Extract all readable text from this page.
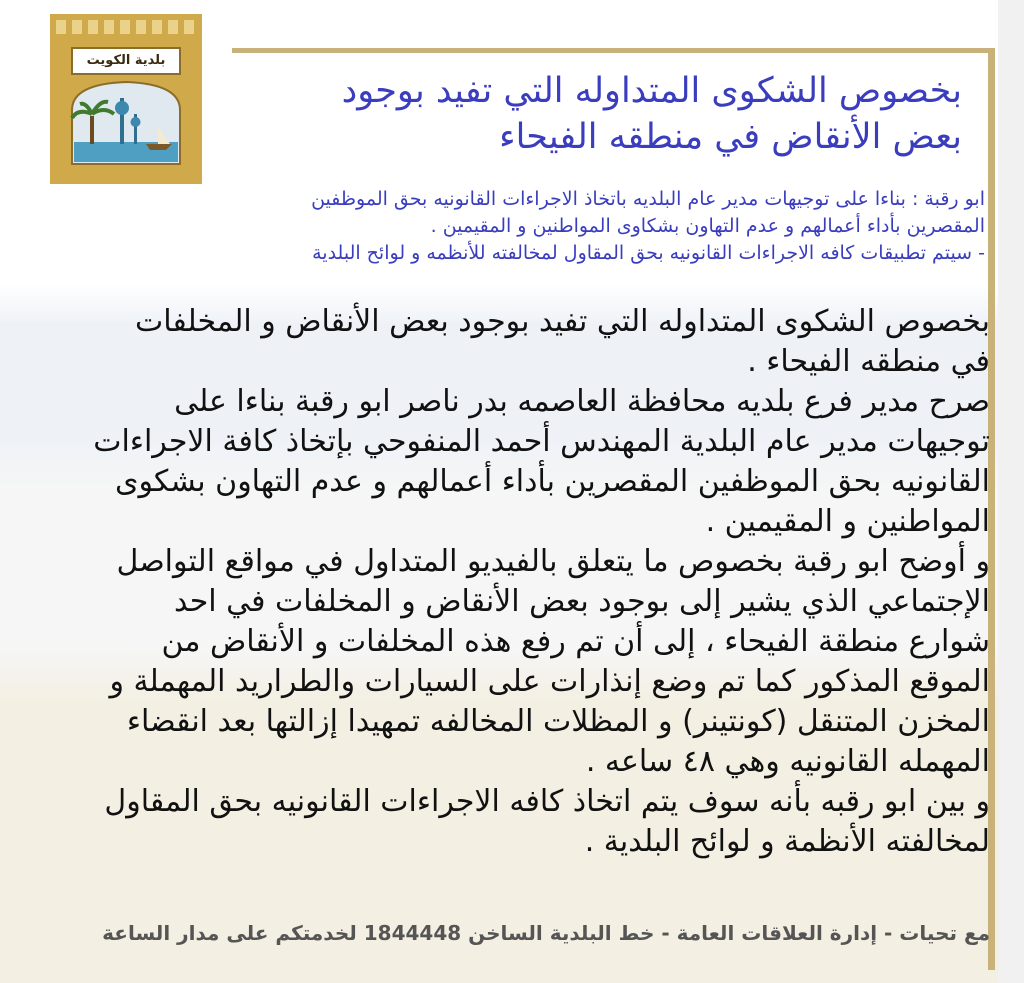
بلدية الكويت
بخصوص الشكوى المتداوله التي تفيد بوجود
بعض الأنقاض في منطقه الفيحاء
ابو رقبة : بناءا على توجيهات مدير عام البلديه باتخاذ الاجراءات القانونيه بحق الموظفين
المقصرين بأداء أعمالهم و عدم التهاون بشكاوى المواطنين و المقيمين .
- سيتم تطبيقات كافه الاجراءات القانونيه بحق المقاول لمخالفته للأنظمه و لوائح البلدية

بخصوص الشكوى المتداوله التي تفيد بوجود بعض الأنقاض و المخلفات في منطقه الفيحاء .

صرح مدير فرع بلديه محافظة العاصمه بدر ناصر ابو رقبة بناءا على توجيهات مدير عام البلدية المهندس أحمد المنفوحي بإتخاذ كافة الاجراءات القانونيه بحق الموظفين المقصرين بأداء أعمالهم و عدم التهاون بشكوى المواطنين و المقيمين .

و أوضح ابو رقبة بخصوص ما يتعلق بالفيديو المتداول في مواقع التواصل الإجتماعي الذي يشير إلى بوجود بعض الأنقاض و المخلفات في احد شوارع منطقة الفيحاء ، إلى أن تم رفع هذه المخلفات و الأنقاض من الموقع المذكور كما تم وضع إنذارات على السيارات والطراريد المهملة و المخزن المتنقل (كونتينر) و المظلات المخالفه تمهيدا إزالتها بعد انقضاء المهمله القانونيه وهي ٤٨ ساعه .

و بين ابو رقبه بأنه سوف يتم اتخاذ كافه الاجراءات القانونيه بحق المقاول لمخالفته الأنظمة و لوائح البلدية .

مع تحيات - إدارة العلاقات العامة - خط البلدية الساخن 1844448 لخدمتكم على مدار الساعة
